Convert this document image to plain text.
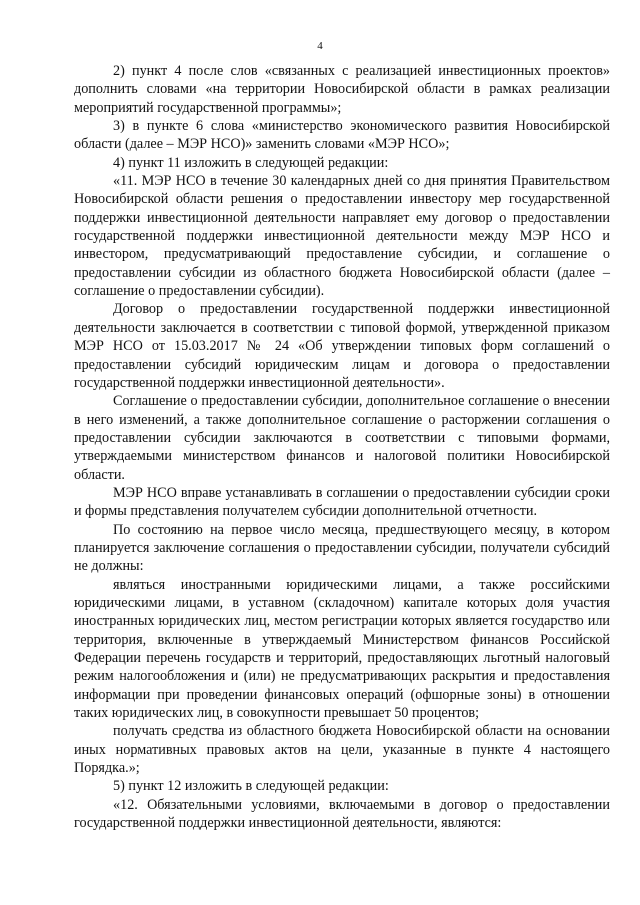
4

2) пункт 4 после слов «связанных с реализацией инвестиционных проектов» дополнить словами «на территории Новосибирской области в рамках реализации мероприятий государственной программы»;

3) в пункте 6 слова «министерство экономического развития Новосибирской области (далее – МЭР НСО)» заменить словами «МЭР НСО»;

4) пункт 11 изложить в следующей редакции:

«11. МЭР НСО в течение 30 календарных дней со дня принятия Правительством Новосибирской области решения о предоставлении инвестору мер государственной поддержки инвестиционной деятельности направляет ему договор о предоставлении государственной поддержки инвестиционной деятельности между МЭР НСО и инвестором, предусматривающий предоставление субсидии, и соглашение о предоставлении субсидии из областного бюджета Новосибирской области (далее – соглашение о предоставлении субсидии).

Договор о предоставлении государственной поддержки инвестиционной деятельности заключается в соответствии с типовой формой, утвержденной приказом МЭР НСО от 15.03.2017 № 24 «Об утверждении типовых форм соглашений о предоставлении субсидий юридическим лицам и договора о предоставлении государственной поддержки инвестиционной деятельности».

Соглашение о предоставлении субсидии, дополнительное соглашение о внесении в него изменений, а также дополнительное соглашение о расторжении соглашения о предоставлении субсидии заключаются в соответствии с типовыми формами, утверждаемыми министерством финансов и налоговой политики Новосибирской области.

МЭР НСО вправе устанавливать в соглашении о предоставлении субсидии сроки и формы представления получателем субсидии дополнительной отчетности.

По состоянию на первое число месяца, предшествующего месяцу, в котором планируется заключение соглашения о предоставлении субсидии, получатели субсидий не должны:

являться иностранными юридическими лицами, а также российскими юридическими лицами, в уставном (складочном) капитале которых доля участия иностранных юридических лиц, местом регистрации которых является государство или территория, включенные в утверждаемый Министерством финансов Российской Федерации перечень государств и территорий, предоставляющих льготный налоговый режим налогообложения и (или) не предусматривающих раскрытия и предоставления информации при проведении финансовых операций (офшорные зоны) в отношении таких юридических лиц, в совокупности превышает 50 процентов;

получать средства из областного бюджета Новосибирской области на основании иных нормативных правовых актов на цели, указанные в пункте 4 настоящего Порядка.»;

5) пункт 12 изложить в следующей редакции:

«12. Обязательными условиями, включаемыми в договор о предоставлении государственной поддержки инвестиционной деятельности, являются:
